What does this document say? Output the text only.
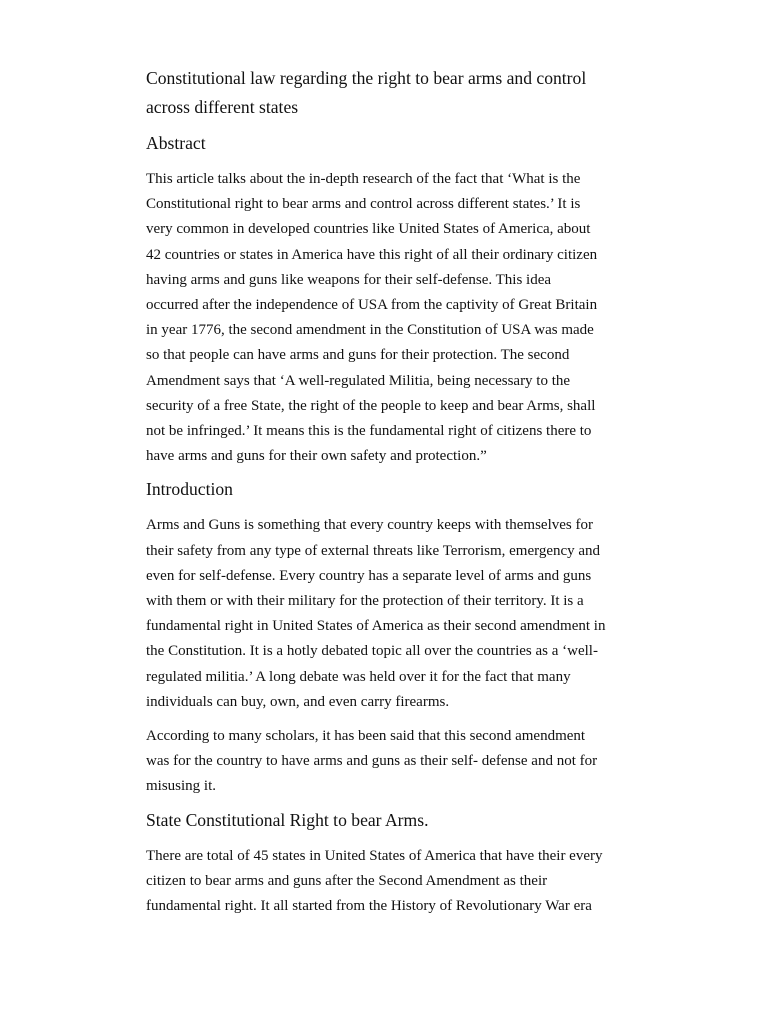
Constitutional law regarding the right to bear arms and control
across different states
Abstract

This article talks about the in-depth research of the fact that ‘What is the
Constitutional right to bear arms and control across different states.’ It is
very common in developed countries like United States of America, about
42 countries or states in America have this right of all their ordinary citizen
having arms and guns like weapons for their self-defense. This idea
occurred after the independence of USA from the captivity of Great Britain
in year 1776, the second amendment in the Constitution of USA was made
so that people can have arms and guns for their protection. The second
Amendment says that ‘A well-regulated Militia, being necessary to the
security of a free State, the right of the people to keep and bear Arms, shall
not be infringed.’ It means this is the fundamental right of citizens there to
have arms and guns for their own safety and protection.”

Introduction

Arms and Guns is something that every country keeps with themselves for
their safety from any type of external threats like Terrorism, emergency and
even for self-defense. Every country has a separate level of arms and guns
with them or with their military for the protection of their territory. It is a
fundamental right in United States of America as their second amendment in
the Constitution. It is a hotly debated topic all over the countries as a ‘well-
regulated militia.’ A long debate was held over it for the fact that many
individuals can buy, own, and even carry firearms.

According to many scholars, it has been said that this second amendment
was for the country to have arms and guns as their self- defense and not for
misusing it.

State Constitutional Right to bear Arms.

There are total of 45 states in United States of America that have their every
citizen to bear arms and guns after the Second Amendment as their
fundamental right. It all started from the History of Revolutionary War era
